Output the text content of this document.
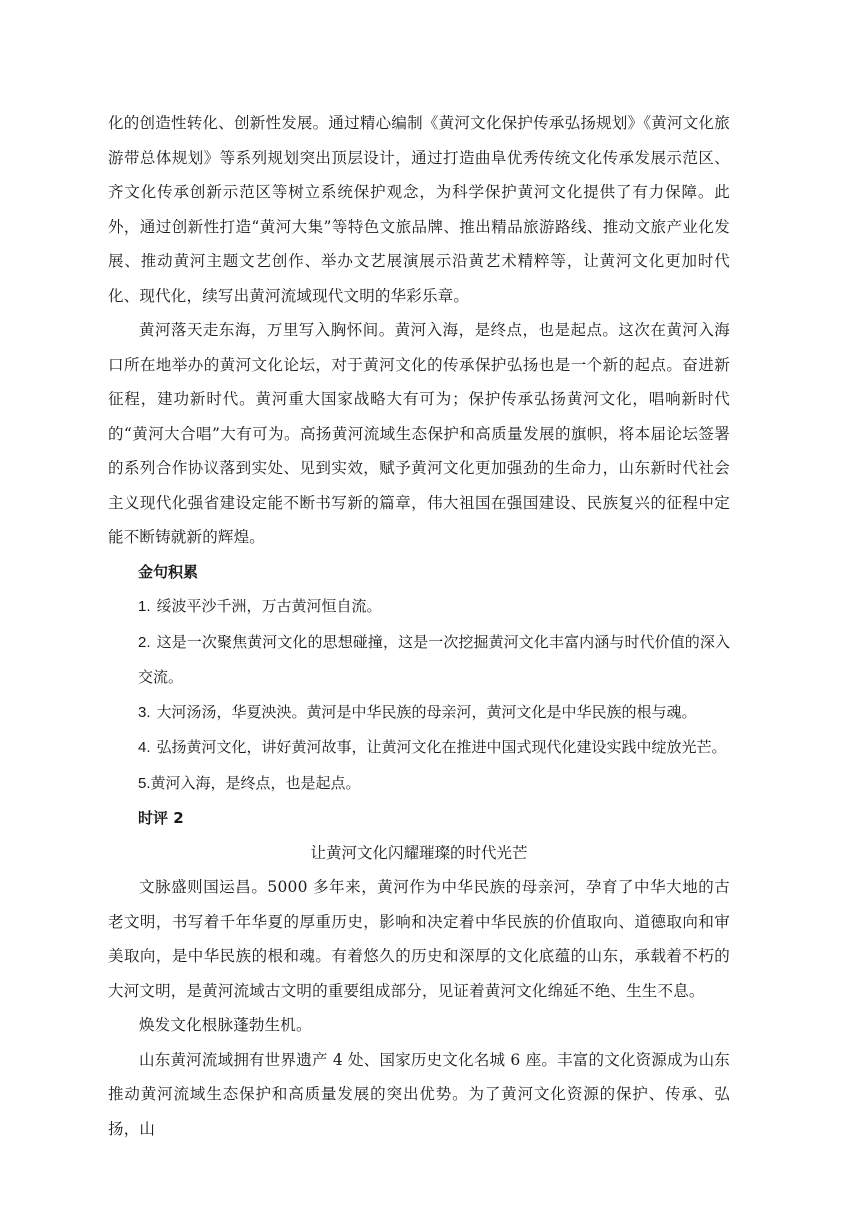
化的创造性转化、创新性发展。通过精心编制《黄河文化保护传承弘扬规划》《黄河文化旅游带总体规划》等系列规划突出顶层设计，通过打造曲阜优秀传统文化传承发展示范区、齐文化传承创新示范区等树立系统保护观念，为科学保护黄河文化提供了有力保障。此外，通过创新性打造“黄河大集”等特色文旅品牌、推出精品旅游路线、推动文旅产业化发展、推动黄河主题文艺创作、举办文艺展演展示沿黄艺术精粹等，让黄河文化更加时代化、现代化，续写出黄河流域现代文明的华彩乐章。

黄河落天走东海，万里写入胸怀间。黄河入海，是终点，也是起点。这次在黄河入海口所在地举办的黄河文化论坛，对于黄河文化的传承保护弘扬也是一个新的起点。奋进新征程，建功新时代。黄河重大国家战略大有可为；保护传承弘扬黄河文化，唱响新时代的“黄河大合唱”大有可为。高扬黄河流域生态保护和高质量发展的旗帜，将本届论坛签署的系列合作协议落到实处、见到实效，赋予黄河文化更加强劲的生命力，山东新时代社会主义现代化强省建设定能不断书写新的篇章，伟大祖国在强国建设、民族复兴的征程中定能不断铸就新的辉煌。

金句积累

1. 绥波平沙千洲，万古黄河恒自流。

2. 这是一次聚焦黄河文化的思想碰撞，这是一次挖掘黄河文化丰富内涵与时代价值的深入交流。

3. 大河汤汤，华夏泱泱。黄河是中华民族的母亲河，黄河文化是中华民族的根与魂。

4. 弘扬黄河文化，讲好黄河故事，让黄河文化在推进中国式现代化建设实践中绽放光芒。

5.黄河入海，是终点，也是起点。

时评 2

让黄河文化闪耀璀璨的时代光芒

文脉盛则国运昌。5000 多年来，黄河作为中华民族的母亲河，孕育了中华大地的古老文明，书写着千年华夏的厚重历史，影响和决定着中华民族的价值取向、道德取向和审美取向，是中华民族的根和魂。有着悠久的历史和深厚的文化底蕴的山东，承载着不朽的大河文明，是黄河流域古文明的重要组成部分，见证着黄河文化绵延不绝、生生不息。

焕发文化根脉蓬勃生机。

山东黄河流域拥有世界遗产 4 处、国家历史文化名城 6 座。丰富的文化资源成为山东推动黄河流域生态保护和高质量发展的突出优势。为了黄河文化资源的保护、传承、弘扬，山
